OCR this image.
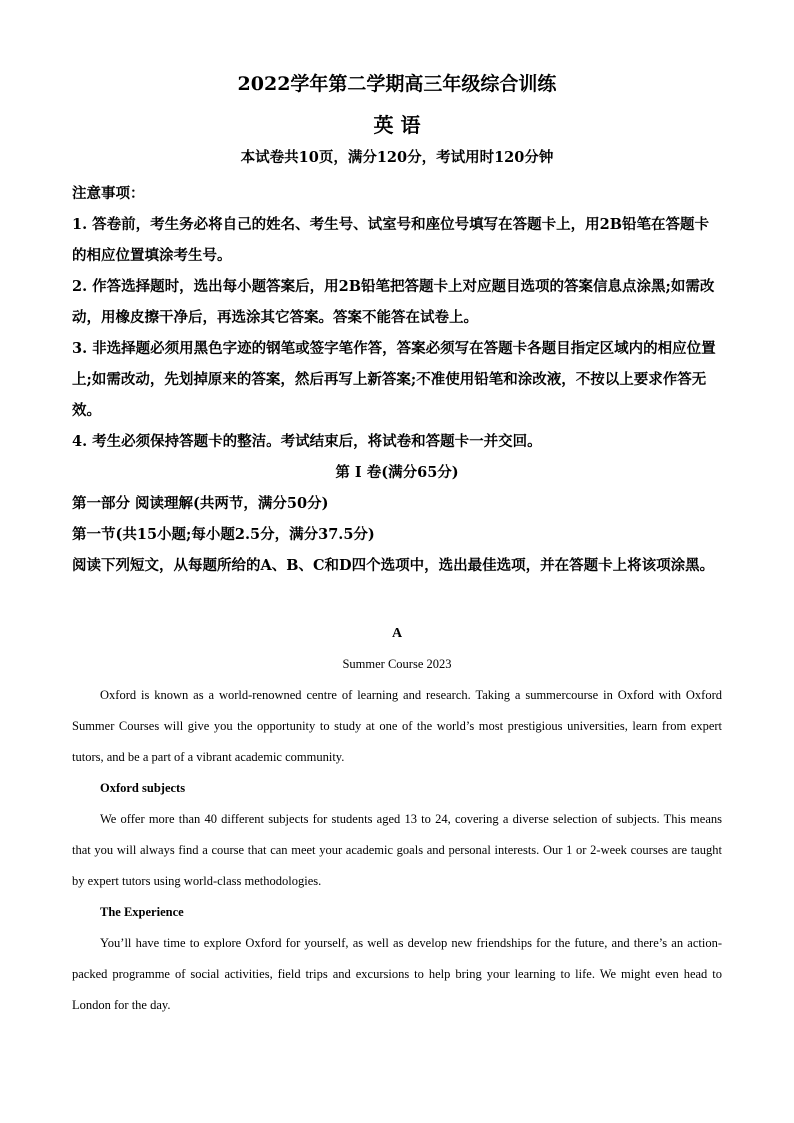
2022学年第二学期高三年级综合训练
英 语
本试卷共10页，满分120分，考试用时120分钟

注意事项：

1. 答卷前，考生务必将自己的姓名、考生号、试室号和座位号填写在答题卡上，用2B铅笔在答题卡的相应位置填涂考生号。

2. 作答选择题时，选出每小题答案后，用2B铅笔把答题卡上对应题目选项的答案信息点涂黑;如需改动，用橡皮擦干净后，再选涂其它答案。答案不能答在试卷上。

3. 非选择题必须用黑色字迹的钢笔或签字笔作答，答案必须写在答题卡各题目指定区域内的相应位置上;如需改动，先划掉原来的答案，然后再写上新答案;不准使用铅笔和涂改液，不按以上要求作答无效。

4. 考生必须保持答题卡的整洁。考试结束后，将试卷和答题卡一并交回。

第 I 卷(满分65分)

第一部分 阅读理解(共两节，满分50分)

第一节(共15小题;每小题2.5分，满分37.5分)

阅读下列短文，从每题所给的A、B、C和D四个选项中，选出最佳选项，并在答题卡上将该项涂黑。

A

Summer Course 2023

Oxford is known as a world-renowned centre of learning and research. Taking a summercourse in Oxford with Oxford Summer Courses will give you the opportunity to study at one of the world’s most prestigious universities, learn from expert tutors, and be a part of a vibrant academic community.

Oxford subjects

We offer more than 40 different subjects for students aged 13 to 24, covering a diverse selection of subjects. This means that you will always find a course that can meet your academic goals and personal interests. Our 1 or 2-week courses are taught by expert tutors using world-class methodologies.

The Experience

You’ll have time to explore Oxford for yourself, as well as develop new friendships for the future, and there’s an action-packed programme of social activities, field trips and excursions to help bring your learning to life. We might even head to London for the day.
